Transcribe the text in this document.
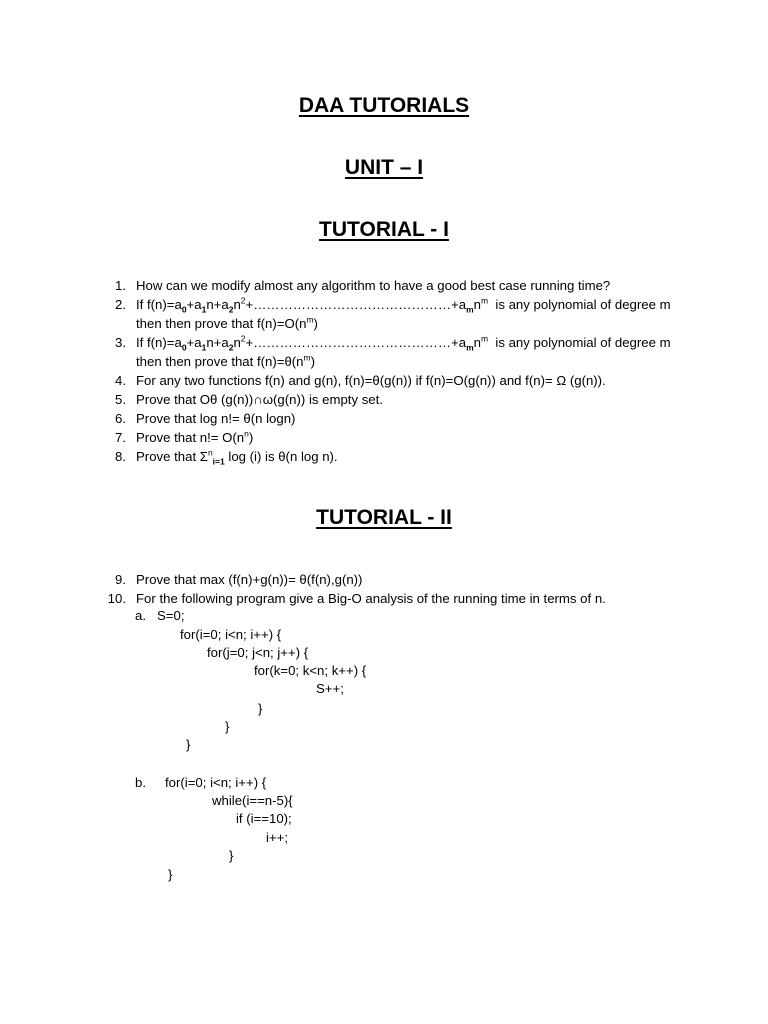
DAA TUTORIALS
UNIT – I
TUTORIAL - I
1. How can we modify almost any algorithm to have a good best case running time?
2. If $f(n)=a_0+a_1n+a_2n^2+\dots\dots\dots\dots\dots\dots\dots\dots\dots\dots\dots\dots\dots\dots\dots+a_mn^m$  is any polynomial of degree m then then prove that $f(n)=O(n^m)$
3. If $f(n)=a_0+a_1n+a_2n^2+\dots\dots\dots\dots\dots\dots\dots\dots\dots\dots\dots\dots\dots\dots\dots+a_mn^m$  is any polynomial of degree m then then prove that $f(n)=\theta(n^m)$
4. For any two functions f(n) and g(n), f(n)=θ(g(n)) if f(n)=O(g(n)) and f(n)= Ω (g(n)).
5. Prove that Oθ (g(n))∩ω(g(n)) is empty set.
6. Prove that log n!= θ(n logn)
7. Prove that $n!= O(n^n)$
8. Prove that $\Sigma^n_{i=1}$ log (i) is θ(n log n).
TUTORIAL - II
9. Prove that max (f(n)+g(n))= θ(f(n),g(n))
10. For the following program give a Big-O analysis of the running time in terms of n.
a. S=0;
for(i=0; i<n; i++) {
for(j=0; j<n; j++) {
for(k=0; k<n; k++) {
S++;
}
}
}
b. for(i=0; i<n; i++) {
while(i==n-5){
if (i==10);
i++;
}
}
